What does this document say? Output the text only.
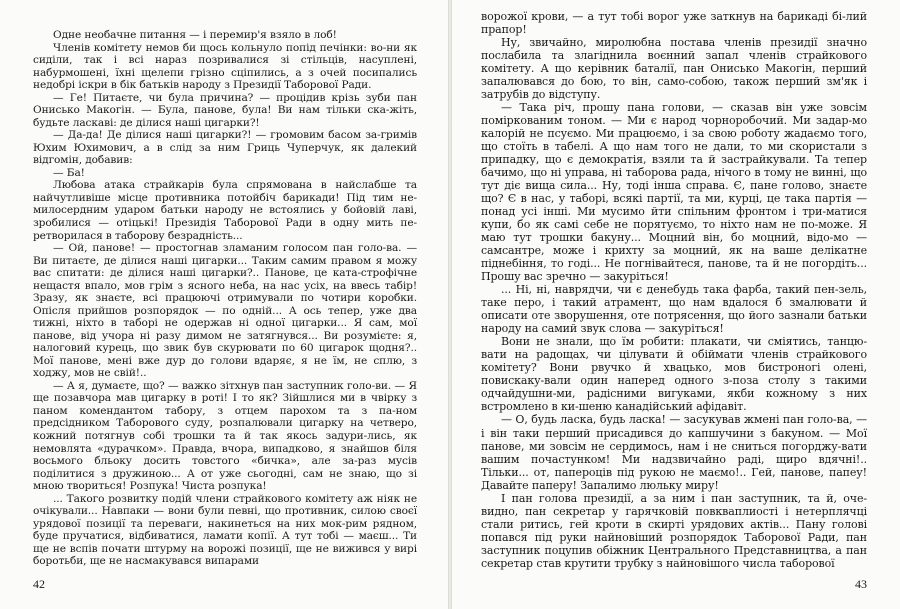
Одне необачне питання — і перемир'я взяло в лоб!

Членів комітету немов би щось кольнуло попід печінки: во-ни як сиділи, так і всі нараз позривалися зі стільців, насуплені, набурмошені, їхні щелепи грізно сціпились, а з очей посипались недобрі іскри в бік батьків народу з Президії Таборової Ради.

— Ге! Питаєте, чи була причина? — процідив крізь зуби пан Онисько Макогін. — Була, панове, була! Ви нам тільки ска-жіть, будьте ласкаві: де ділися наші цигарки?!

— Да-да! Де ділися наші цигарки?! — громовим басом за-гримів Юхим Юхимович, а в слід за ним Гриць Чуперчук, як далекий відгомін, добавив:

— Ба!

Любова атака страйкарів була спрямована в найслабше та найчутливіше місце противника потойбіч барикади! Під тим не-милосердним ударом батьки народу не встоялись у бойовій лаві, зробилися — отіцькі! Президія Таборової Ради в одну мить пе-ретворилася в таборову безрадність...

— Ой, панове! — простогнав зламаним голосом пан голо-ва. — Ви питаєте, де ділися наші цигарки... Таким самим правом я можу вас спитати: де ділися наші цигарки?.. Панове, це ката-строфічне нещастя впало, мов грім з ясного неба, на нас усіх, на ввесь табір! Зразу, як знаєте, всі працюючі отримували по чотири коробки. Опісля прийшов розпорядок — по одній... А ось тепер, уже два тижні, ніхто в таборі не одержав ні одної цигарки... Я сам, мої панове, від учора ні разу димом не затягнувся... Ви розумієте: я, налоговий курець, що звик був скурювати по 60 цигарок щодня?.. Мої панове, мені вже дур до голови вдаряє, я не їм, не сплю, з ходжу, мов не свій!..

— А я, думаєте, що? — важко зітхнув пан заступник голо-ви. — Я ще позавчора мав цигарку в роті! І то як? Зійшлися ми в чвірку з паном комендантом табору, з отцем парохом та з па-ном предсідником Таборового суду, розпалювали цигарку на четверо, кожний потягнув собі трошки та й так якось задури-лись, як немовлята «дурачком». Правда, вчора, випадково, я знайшов біля восьмого бльоку досить товстого «бичка», але за-раз мусів поділитися з дружиною... А от уже сьогодні, сам не знаю, що зі мною твориться! Розпука! Чиста розпука!

... Такого розвитку подій члени страйкового комітету аж ніяк не очікували... Навпаки — вони були певні, що противник, силою своєї урядової позиції та переваги, накинеться на них мок-рим рядном, буде пручатися, відбиватися, ламати копії. А тут тобі — маєш... Ти ще не вспів почати штурму на ворожі позиції, ще не вижився у вирі боротьби, ще не насмакувався випарами

42

ворожої крови, — а тут тобі ворог уже заткнув на барикаді бі-лий прапор!

Ну, звичайно, миролюбна постава членів президії значно послабила та злагіднила воєнний запал членів страйкового комітету. А що керівник баталії, пан Онисько Макогін, перший запалювався до бою, то він, само-собою, також перший зм'як і затрубів до відступу.

— Така річ, прошу пана голови, — сказав він уже зовсім поміркованим тоном. — Ми є народ чорноробочий. Ми задар-мо калорій не псуємо. Ми працюємо, і за свою роботу жадаємо того, що стоїть в табелі. А що нам того не дали, то ми скористали з припадку, що є демократія, взяли та й застрайкували. Та тепер бачимо, що ні управа, ні таборова рада, нічого в тому не винні, що тут діє вища сила... Ну, тоді інша справа. Є, пане голово, знаєте що? Є в нас, у таборі, всякі партії, та ми, курці, це така партія — понад усі інші. Ми мусимо йти спільним фронтом і три-матися купи, бо як самі себе не порятуємо, то ніхто нам не по-може. Я маю тут трошки бакуну... Моцний він, бо моцний, відо-мо — самсантре, може і крихту за моцний, як на ваше делікатне піднебіння, то годі... Не погнівайтеся, панове, та й не погордіть... Прошу вас зречно — закуріться!

... Ні, ні, наврядчи, чи є денебудь така фарба, такий пен-зель, таке перо, і такий атрамент, що нам вдалося б змалювати й описати оте зворушення, оте потрясення, що його зазнали батьки народу на самий звук слова — закуріться!

Вони не знали, що їм робити: плакати, чи сміятись, танцю-вати на радощах, чи цілувати й обіймати членів страйкового комітету? Вони рвучко й хвацько, мов бистроногі олені, повискаку-вали один наперед одного з-поза столу з такими одчайдушни-ми, радісними вигуками, якби кожному з них встромлено в ки-шеню канадійський афідавіт.

— О, будь ласка, будь ласка! — засукував жмені пан голо-ва, — і він таки перший присадився до капшучини з бакуном. — Мої панове, ми зовсім не сердимось, нам і не сниться погорджу-вати вашим почастунком! Ми надзвичайно раді, щиро вдячні!.. Тільки... от, папероців під рукою не маємо!.. Гей, панове, папеу! Давайте паперу! Запалимо люльку миру!

І пан голова президії, а за ним і пан заступник, та й, оче-видно, пан секретар у гарячковій повкваплиості і нетерплячці стали ритись, гей кроти в скирті урядових актів... Пану голові попався під руки найновіший розпорядок Таборової Ради, пан заступник поцупив обіжник Центрального Представництва, а пан секретар став крутити трубку з найновішого числа таборової

43
